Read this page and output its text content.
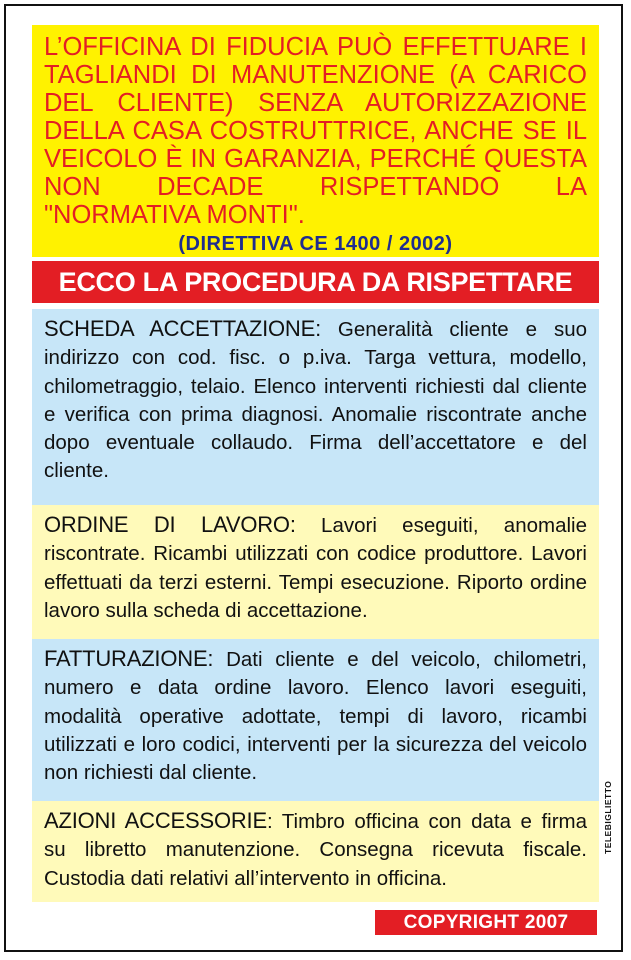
L’OFFICINA DI FIDUCIA PUÒ EFFETTUARE I TAGLIANDI DI MANUTENZIONE (A CARICO DEL CLIENTE) SENZA AUTORIZZAZIONE DELLA CASA COSTRUTTRICE, ANCHE SE IL VEICOLO È IN GARANZIA, PERCHÉ QUESTA NON DECADE RISPETTANDO LA "NORMATIVA MONTI".

(DIRETTIVA CE 1400 / 2002)
ECCO LA PROCEDURA DA RISPETTARE
SCHEDA ACCETTAZIONE: Generalità cliente e suo indirizzo con cod. fisc. o p.iva. Targa vettura, modello, chilometraggio, telaio. Elenco interventi richiesti dal cliente e verifica con prima diagnosi. Anomalie riscontrate anche dopo eventuale collaudo. Firma dell’accettatore e del cliente.
ORDINE DI LAVORO: Lavori eseguiti, anomalie riscontrate. Ricambi utilizzati con codice produttore. Lavori effettuati da terzi esterni. Tempi esecuzione. Riporto ordine lavoro sulla scheda di accettazione.
FATTURAZIONE: Dati cliente e del veicolo, chilometri, numero e data ordine lavoro. Elenco lavori eseguiti, modalità operative adottate, tempi di lavoro, ricambi utilizzati e loro codici, interventi per la sicurezza del veicolo non richiesti dal cliente.
AZIONI ACCESSORIE: Timbro officina con data e firma su libretto manutenzione. Consegna ricevuta fiscale. Custodia dati relativi all’intervento in officina.
COPYRIGHT 2007
TELEBIGLIETTO
